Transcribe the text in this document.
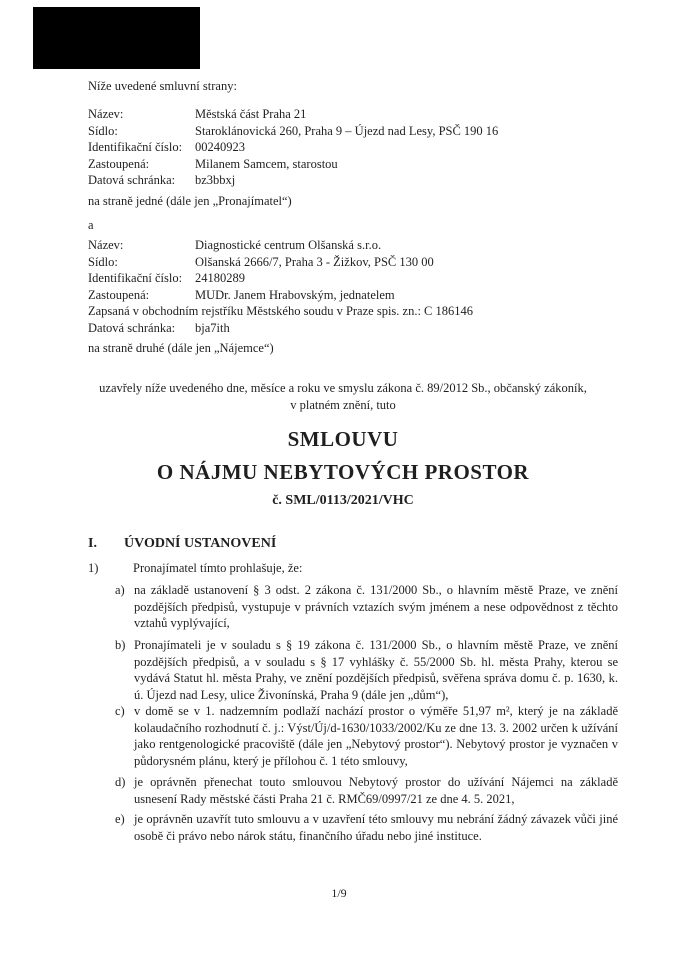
Níže uvedené smluvní strany:
Název:	Městská část Praha 21
Sídlo:	Staroklánovická 260, Praha 9 – Újezd nad Lesy, PSČ 190 16
Identifikační číslo:	00240923
Zastoupená:	Milanem Samcem, starostou
Datová schránka:	bz3bbxj
na straně jedné (dále jen „Pronajímatel“)
a
Název:	Diagnostické centrum Olšanská s.r.o.
Sídlo:	Olšanská 2666/7, Praha 3 - Žižkov, PSČ 130 00
Identifikační číslo:	24180289
Zastoupená:	MUDr. Janem Hrabovským, jednatelem
Zapsaná v obchodním rejstříku Městského soudu v Praze spis. zn.: C 186146
Datová schránka:	bja7ith
na straně druhé (dále jen „Nájemce“)
uzavřely níže uvedeného dne, měsíce a roku ve smyslu zákona č. 89/2012 Sb., občanský zákoník,
v platném znění, tuto
SMLOUVU
O NÁJMU NEBYTOVÝCH PROSTOR
č. SML/0113/2021/VHC
I. ÚVODNÍ USTANOVENÍ
1)	Pronajímatel tímto prohlašuje, že:
a) na základě ustanovení § 3 odst. 2 zákona č. 131/2000 Sb., o hlavním městě Praze, ve znění pozdějších předpisů, vystupuje v právních vztazích svým jménem a nese odpovědnost z těchto vztahů vyplývající,
b) Pronajímateli je v souladu s § 19 zákona č. 131/2000 Sb., o hlavním městě Praze, ve znění pozdějších předpisů, a v souladu s § 17 vyhlášky č. 55/2000 Sb. hl. města Prahy, kterou se vydává Statut hl. města Prahy, ve znění pozdějších předpisů, svěřena správa domu č. p. 1630, k. ú. Újezd nad Lesy, ulice Živonínská, Praha 9 (dále jen „dům“),
c) v domě se v 1. nadzemním podlaží nachází prostor o výměře 51,97 m², který je na základě kolaudačního rozhodnutí č. j.: Výst/Új/d-1630/1033/2002/Ku ze dne 13. 3. 2002 určen k užívání jako rentgenologické pracoviště (dále jen „Nebytový prostor“). Nebytový prostor je vyznačen v půdorysném plánu, který je přílohou č. 1 této smlouvy,
d) je oprávněn přenechat touto smlouvou Nebytový prostor do užívání Nájemci na základě usnesení Rady městské části Praha 21 č. RMČ69/0997/21 ze dne 4. 5. 2021,
e) je oprávněn uzavřít tuto smlouvu a v uzavření této smlouvy mu nebrání žádný závazek vůči jiné osobě či právo nebo nárok státu, finančního úřadu nebo jiné instituce.
1/9
